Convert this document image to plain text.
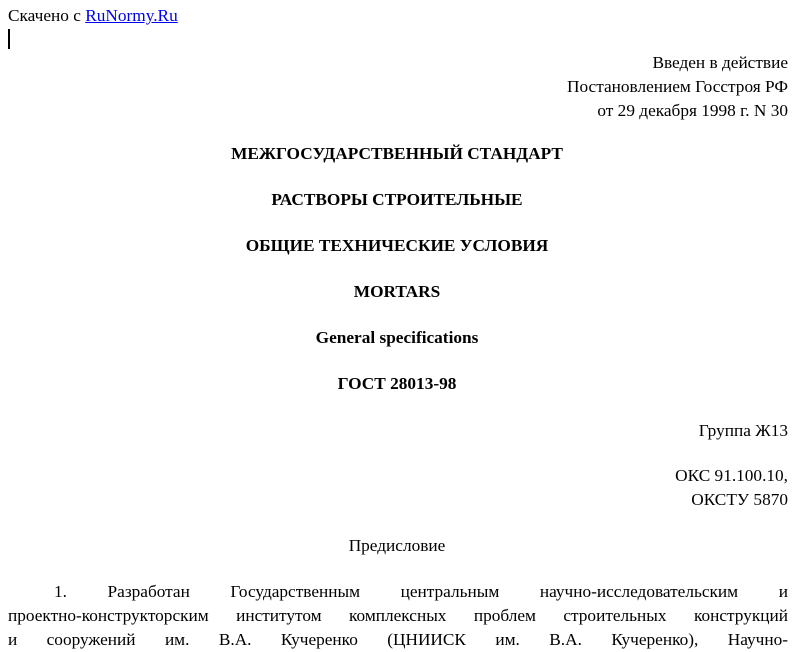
Скачено с RuNormy.Ru
Введен в действие
Постановлением Госстроя РФ
от 29 декабря 1998 г. N 30
МЕЖГОСУДАРСТВЕННЫЙ СТАНДАРТ
РАСТВОРЫ СТРОИТЕЛЬНЫЕ
ОБЩИЕ ТЕХНИЧЕСКИЕ УСЛОВИЯ
MORTARS
General specifications
ГОСТ 28013-98
Группа Ж13
ОКС 91.100.10,
ОКСТУ 5870
Предисловие
1. Разработан Государственным центральным научно-исследовательским и
проектно-конструкторским институтом комплексных проблем строительных конструкций
и сооружений им. В.А. Кучеренко (ЦНИИСК им. В.А. Кучеренко), Научно-
